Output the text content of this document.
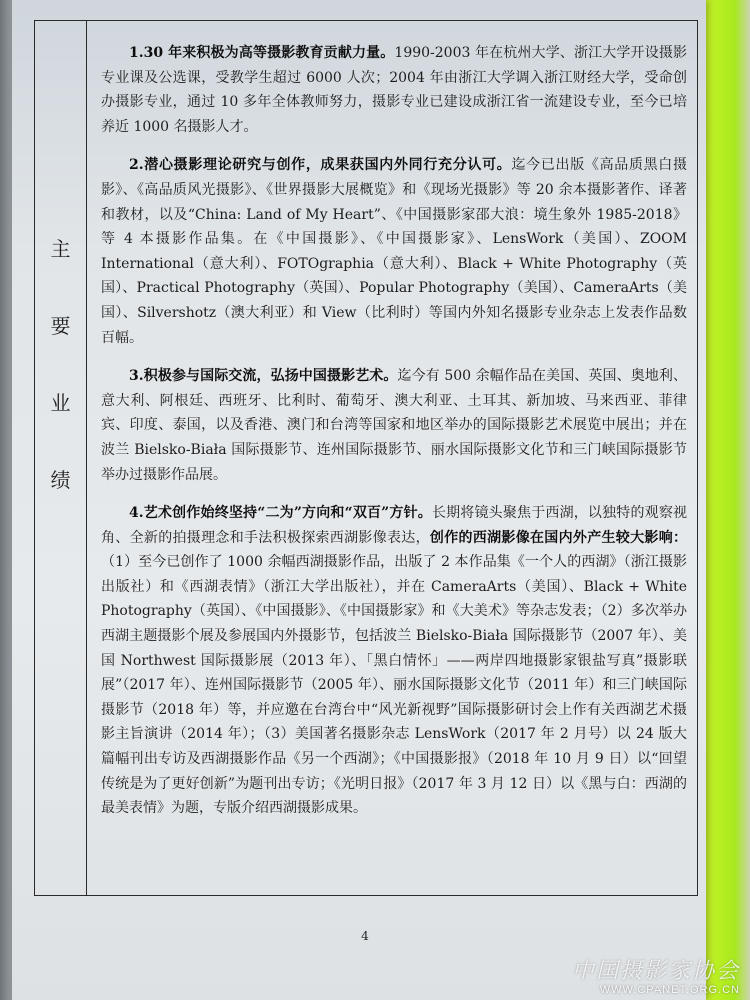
主
要
业
绩

1.30 年来积极为高等摄影教育贡献力量。1990-2003 年在杭州大学、浙江大学开设摄影专业课及公选课，受教学生超过 6000 人次；2004 年由浙江大学调入浙江财经大学，受命创办摄影专业，通过 10 多年全体教师努力，摄影专业已建设成浙江省一流建设专业，至今已培养近 1000 名摄影人才。

2.潜心摄影理论研究与创作，成果获国内外同行充分认可。迄今已出版《高品质黑白摄影》、《高品质风光摄影》、《世界摄影大展概览》和《现场光摄影》等 20 余本摄影著作、译著和教材，以及“China: Land of My Heart”、《中国摄影家邵大浪：境生象外 1985-2018》等 4 本摄影作品集。在《中国摄影》、《中国摄影家》、LensWork（美国）、ZOOM International（意大利）、FOTOgraphia（意大利）、Black + White Photography（英国）、Practical Photography（英国）、Popular Photography（美国）、CameraArts（美国）、Silvershotz（澳大利亚）和 View（比利时）等国内外知名摄影专业杂志上发表作品数百幅。

3.积极参与国际交流，弘扬中国摄影艺术。迄今有 500 余幅作品在美国、英国、奥地利、意大利、阿根廷、西班牙、比利时、葡萄牙、澳大利亚、土耳其、新加坡、马来西亚、菲律宾、印度、泰国，以及香港、澳门和台湾等国家和地区举办的国际摄影艺术展览中展出；并在波兰 Bielsko-Biała 国际摄影节、连州国际摄影节、丽水国际摄影文化节和三门峡国际摄影节举办过摄影作品展。

4.艺术创作始终坚持“二为”方向和“双百”方针。长期将镜头聚焦于西湖，以独特的观察视角、全新的拍摄理念和手法积极探索西湖影像表达，创作的西湖影像在国内外产生较大影响：（1）至今已创作了 1000 余幅西湖摄影作品，出版了 2 本作品集《一个人的西湖》（浙江摄影出版社）和《西湖表情》（浙江大学出版社），并在 CameraArts（美国）、Black + White Photography（英国）、《中国摄影》、《中国摄影家》和《大美术》等杂志发表；（2）多次举办西湖主题摄影个展及参展国内外摄影节，包括波兰 Bielsko-Biała 国际摄影节（2007 年）、美国 Northwest 国际摄影展（2013 年）、「黑白情怀」——两岸四地摄影家银盐写真”摄影联展”（2017 年）、连州国际摄影节（2005 年）、丽水国际摄影文化节（2011 年）和三门峡国际摄影节（2018 年）等，并应邀在台湾台中“风光新视野”国际摄影研讨会上作有关西湖艺术摄影主旨演讲（2014 年）；（3）美国著名摄影杂志 LensWork（2017 年 2 月号）以 24 版大篇幅刊出专访及西湖摄影作品《另一个西湖》；《中国摄影报》（2018 年 10 月 9 日）以“回望传统是为了更好创新”为题刊出专访；《光明日报》（2017 年 3 月 12 日）以《黑与白：西湖的最美表情》为题，专版介绍西湖摄影成果。

4
中国摄影家协会
WWW.CPANET.ORG.CN
